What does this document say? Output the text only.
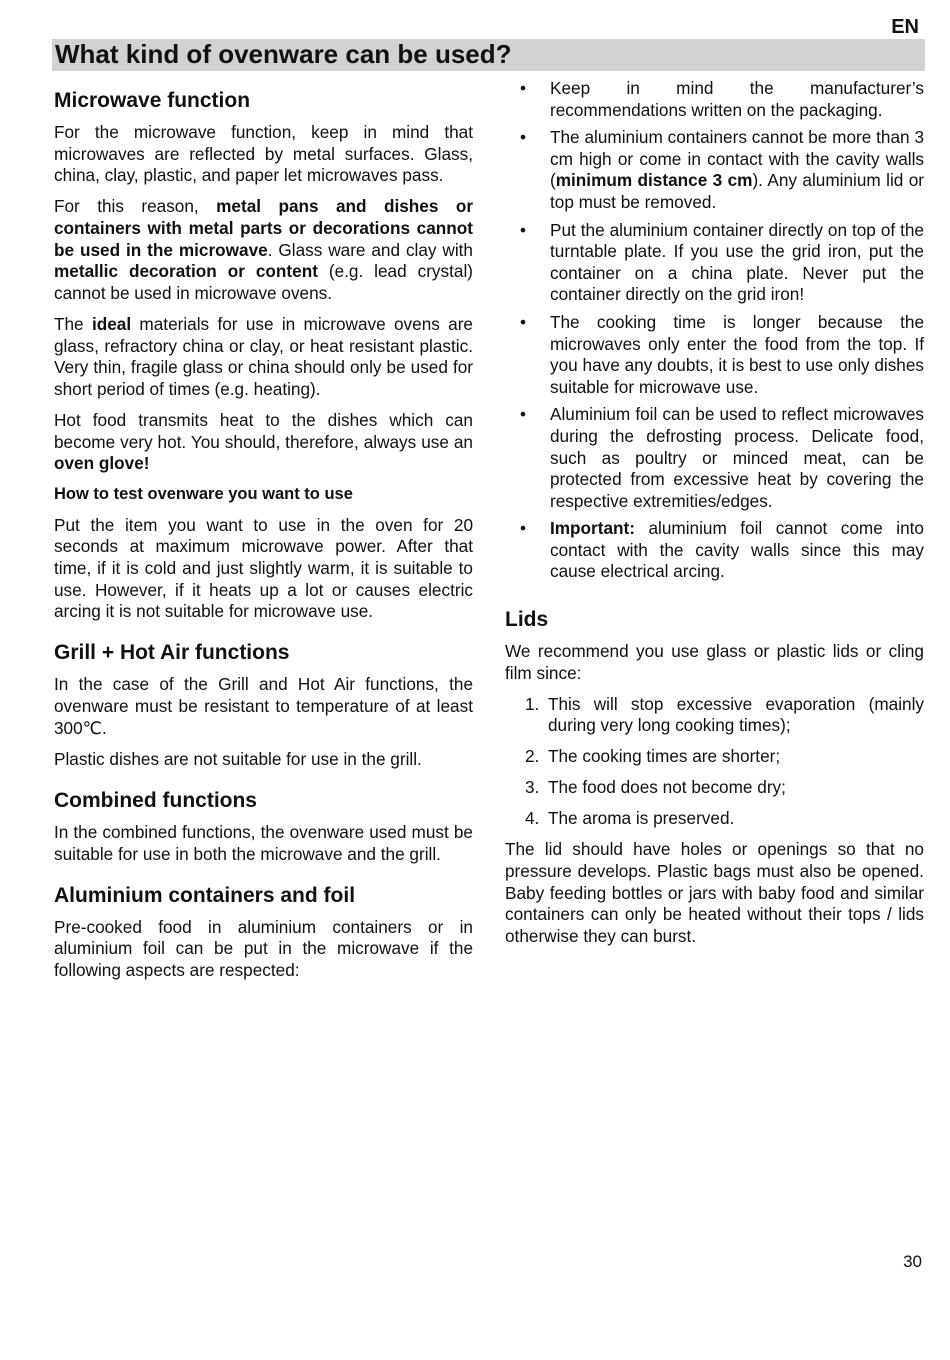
EN
What kind of ovenware can be used?
Microwave function

For the microwave function, keep in mind that microwaves are reflected by metal surfaces. Glass, china, clay, plastic, and paper let microwaves pass.

For this reason, metal pans and dishes or containers with metal parts or decorations cannot be used in the microwave. Glass ware and clay with metallic decoration or content (e.g. lead crystal) cannot be used in microwave ovens.

The ideal materials for use in microwave ovens are glass, refractory china or clay, or heat resistant plastic. Very thin, fragile glass or china should only be used for short period of times (e.g. heating).

Hot food transmits heat to the dishes which can become very hot. You should, therefore, always use an oven glove!

How to test ovenware you want to use

Put the item you want to use in the oven for 20 seconds at maximum microwave power. After that time, if it is cold and just slightly warm, it is suitable to use. However, if it heats up a lot or causes electric arcing it is not suitable for microwave use.

Grill + Hot Air functions

In the case of the Grill and Hot Air functions, the ovenware must be resistant to temperature of at least 300℃.

Plastic dishes are not suitable for use in the grill.

Combined functions

In the combined functions, the ovenware used must be suitable for use in both the microwave and the grill.

Aluminium containers and foil

Pre-cooked food in aluminium containers or in aluminium foil can be put in the microwave if the following aspects are respected:

• Keep in mind the manufacturer’s recommendations written on the packaging.
• The aluminium containers cannot be more than 3 cm high or come in contact with the cavity walls (minimum distance 3 cm). Any aluminium lid or top must be removed.
• Put the aluminium container directly on top of the turntable plate. If you use the grid iron, put the container on a china plate. Never put the container directly on the grid iron!
• The cooking time is longer because the microwaves only enter the food from the top. If you have any doubts, it is best to use only dishes suitable for microwave use.
• Aluminium foil can be used to reflect microwaves during the defrosting process. Delicate food, such as poultry or minced meat, can be protected from excessive heat by covering the respective extremities/edges.
• Important: aluminium foil cannot come into contact with the cavity walls since this may cause electrical arcing.
Lids

We recommend you use glass or plastic lids or cling film since:

1. This will stop excessive evaporation (mainly during very long cooking times);
2. The cooking times are shorter;
3. The food does not become dry;
4. The aroma is preserved.

The lid should have holes or openings so that no pressure develops. Plastic bags must also be opened. Baby feeding bottles or jars with baby food and similar containers can only be heated without their tops / lids otherwise they can burst.

30
